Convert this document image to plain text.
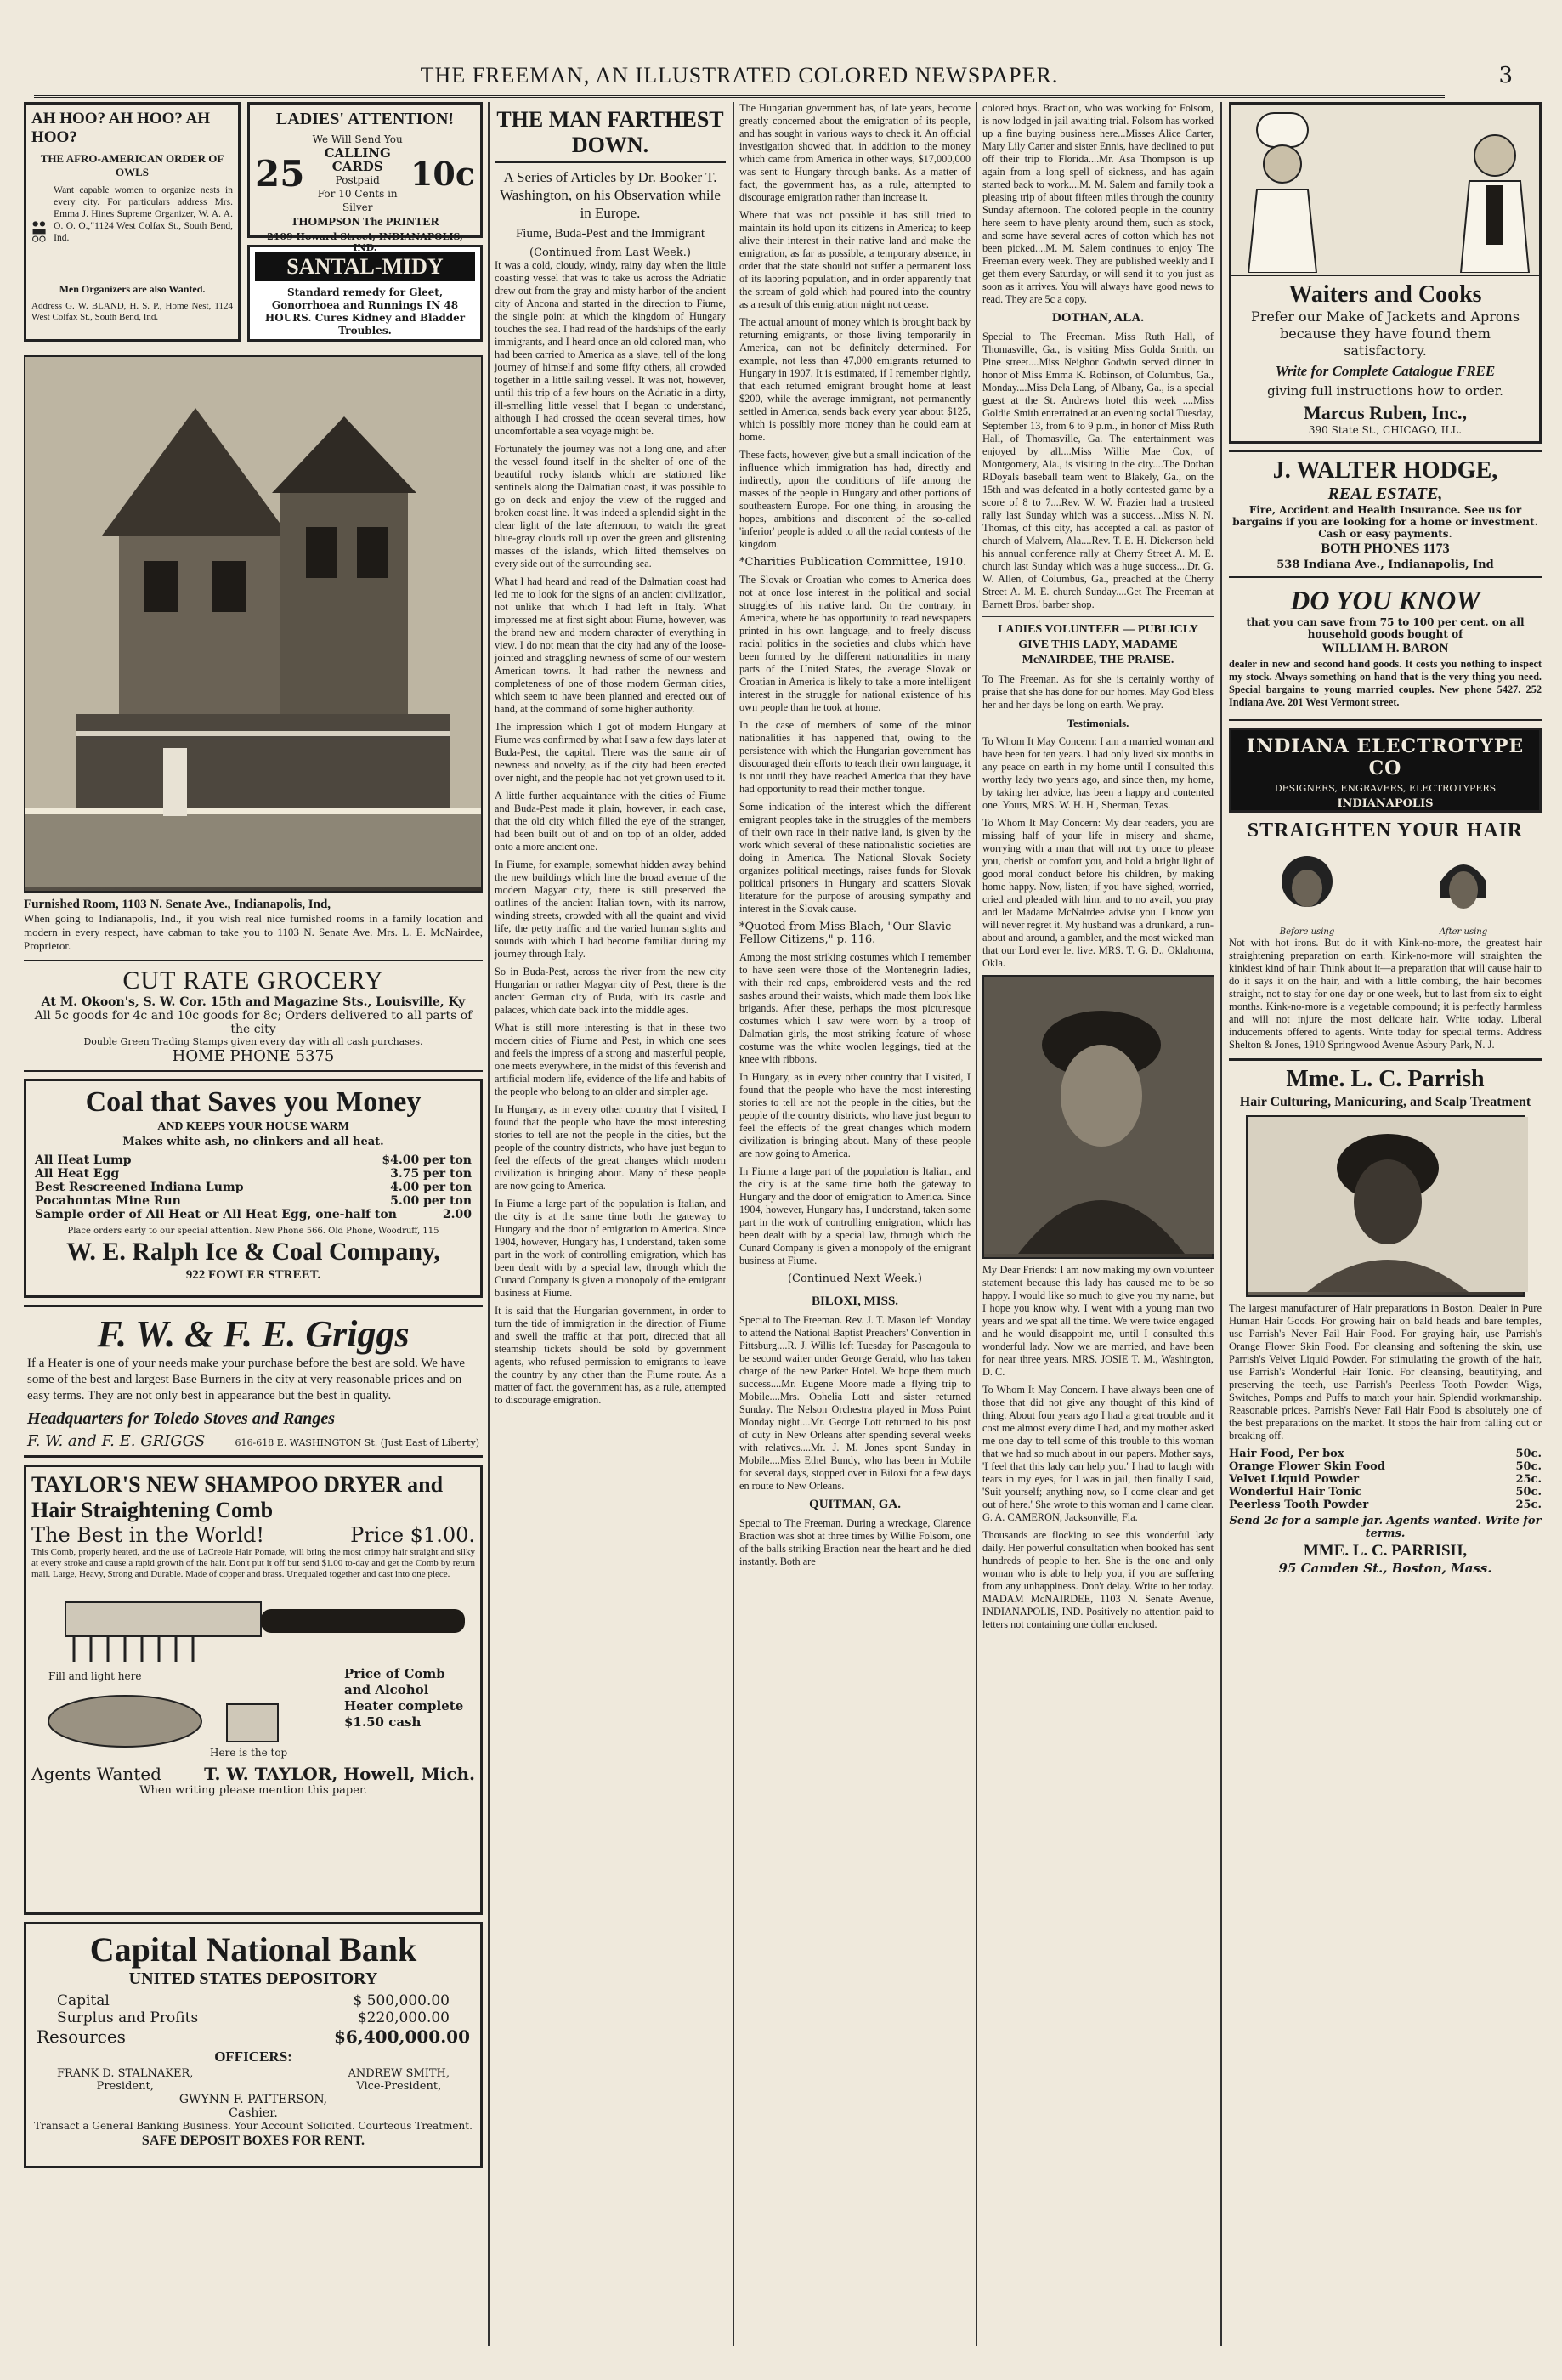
THE FREEMAN, AN ILLUSTRATED COLORED NEWSPAPER.	3
AH HOO? AH HOO? AH HOO?
THE AFRO-AMERICAN ORDER OF OWLS

Want capable women to organize nests in every city. For particulars address Mrs. Emma J. Hines Supreme Organizer, W. A. A. O. O. O.,"1124 West Colfax St., South Bend, Ind.

Men Organizers are also Wanted.

Address G. W. BLAND, H. S. P., Home Nest, 1124 West Colfax St., South Bend, Ind.

LADIES' ATTENTION!
25
We Will Send You
CALLING CARDS
Postpaid
For 10 Cents in Silver
10c
THOMPSON The PRINTER
2109 Howard Street, INDIANAPOLIS, IND.
SANTAL-MIDY
Standard remedy for Gleet, Gonorrhoea and Runnings IN 48 HOURS. Cures Kidney and Bladder Troubles.
Furnished Room, 1103 N. Senate Ave., Indianapolis, Ind,

When going to Indianapolis, Ind., if you wish real nice furnished rooms in a family location and modern in every respect, have cabman to take you to 1103 N. Senate Ave. Mrs. L. E. McNairdee, Proprietor.

CUT RATE GROCERY
At M. Okoon's, S. W. Cor. 15th and Magazine Sts., Louisville, Ky
All 5c goods for 4c and 10c goods for 8c; Orders delivered to all parts of the city
Double Green Trading Stamps given every day with all cash purchases.
HOME PHONE 5375
Coal that Saves you Money
AND KEEPS YOUR HOUSE WARM
Makes white ash, no clinkers and all heat.
All Heat Lump	$4.00 per ton
All Heat Egg	3.75 per ton
Best Rescreened Indiana Lump	4.00 per ton
Pocahontas Mine Run	5.00 per ton
Sample order of All Heat or All Heat Egg, one-half ton	2.00
Place orders early to our special attention. New Phone 566. Old Phone, Woodruff, 115
W. E. Ralph Ice & Coal Company,
922 FOWLER STREET.
F. W. & F. E. Griggs

If a Heater is one of your needs make your purchase before the best are sold. We have some of the best and largest Base Burners in the city at very reasonable prices and on easy terms. They are not only best in appearance but the best in quality.

Headquarters for Toledo Stoves and Ranges
F. W. and F. E. GRIGGS	616-618 E. WASHINGTON St. (Just East of Liberty)
TAYLOR'S NEW SHAMPOO DRYER and Hair Straightening Comb
The Best in the World!	Price $1.00.

This Comb, properly heated, and the use of LaCreole Hair Pomade, will bring the most crimpy hair straight and silky at every stroke and cause a rapid growth of the hair. Don't put it off but send $1.00 to-day and get the Comb by return mail. Large, Heavy, Strong and Durable. Made of copper and brass. Unequaled together and cast into one piece.

Fill and light here
Here is the top
Price of Comb and Alcohol Heater complete $1.50 cash
Agents Wanted	T. W. TAYLOR, Howell, Mich.
When writing please mention this paper.
Capital National Bank
UNITED STATES DEPOSITORY
Capital	$ 500,000.00
Surplus and Profits	$220,000.00
Resources	$6,400,000.00
OFFICERS:
FRANK D. STALNAKER,
President,
ANDREW SMITH,
Vice-President,
GWYNN F. PATTERSON,
Cashier.
Transact a General Banking Business. Your Account Solicited. Courteous Treatment.
SAFE DEPOSIT BOXES FOR RENT.
THE MAN FARTHEST DOWN.
A Series of Articles by Dr. Booker T. Washington, on his Observation while in Europe.
Fiume, Buda-Pest and the Immigrant
(Continued from Last Week.)

It was a cold, cloudy, windy, rainy day when the little coasting vessel that was to take us across the Adriatic drew out from the gray and misty harbor of the ancient city of Ancona and started in the direction to Fiume, the single point at which the kingdom of Hungary touches the sea. I had read of the hardships of the early immigrants, and I heard once an old colored man, who had been carried to America as a slave, tell of the long journey of himself and some fifty others, all crowded together in a little sailing vessel. It was not, however, until this trip of a few hours on the Adriatic in a dirty, ill-smelling little vessel that I began to understand, although I had crossed the ocean several times, how uncomfortable a sea voyage might be.

Fortunately the journey was not a long one, and after the vessel found itself in the shelter of one of the beautiful rocky islands which are stationed like sentinels along the Dalmatian coast, it was possible to go on deck and enjoy the view of the rugged and broken coast line. It was indeed a splendid sight in the clear light of the late afternoon, to watch the great blue-gray clouds roll up over the green and glistening masses of the islands, which lifted themselves on every side out of the surrounding sea.

What I had heard and read of the Dalmatian coast had led me to look for the signs of an ancient civilization, not unlike that which I had left in Italy. What impressed me at first sight about Fiume, however, was the brand new and modern character of everything in view. I do not mean that the city had any of the loose-jointed and straggling newness of some of our western American towns. It had rather the newness and completeness of one of those modern German cities, which seem to have been planned and erected out of hand, at the command of some higher authority.

The impression which I got of modern Hungary at Fiume was confirmed by what I saw a few days later at Buda-Pest, the capital. There was the same air of newness and novelty, as if the city had been erected over night, and the people had not yet grown used to it.

A little further acquaintance with the cities of Fiume and Buda-Pest made it plain, however, in each case, that the old city which filled the eye of the stranger, had been built out of and on top of an older, added onto a more ancient one.

In Fiume, for example, somewhat hidden away behind the new buildings which line the broad avenue of the modern Magyar city, there is still preserved the outlines of the ancient Italian town, with its narrow, winding streets, crowded with all the quaint and vivid life, the petty traffic and the varied human sights and sounds with which I had become familiar during my journey through Italy.

So in Buda-Pest, across the river from the new city Hungarian or rather Magyar city of Pest, there is the ancient German city of Buda, with its castle and palaces, which date back into the middle ages.

What is still more interesting is that in these two modern cities of Fiume and Pest, in which one sees and feels the impress of a strong and masterful people, one meets everywhere, in the midst of this feverish and artificial modern life, evidence of the life and habits of the people who belong to an older and simpler age.

In Hungary, as in every other country that I visited, I found that the people who have the most interesting stories to tell are not the people in the cities, but the people of the country districts, who have just begun to feel the effects of the great changes which modern civilization is bringing about. Many of these people are now going to America.

In Fiume a large part of the population is Italian, and the city is at the same time both the gateway to Hungary and the door of emigration to America. Since 1904, however, Hungary has, I understand, taken some part in the work of controlling emigration, which has been dealt with by a special law, through which the Cunard Company is given a monopoly of the emigrant business at Fiume.

It is said that the Hungarian government, in order to turn the tide of immigration in the direction of Fiume and swell the traffic at that port, directed that all steamship tickets should be sold by government agents, who refused permission to emigrants to leave the country by any other than the Fiume route. As a matter of fact, the government has, as a rule, attempted to discourage emigration.

The Hungarian government has, of late years, become greatly concerned about the emigration of its people, and has sought in various ways to check it. An official investigation showed that, in addition to the money which came from America in other ways, $17,000,000 was sent to Hungary through banks. As a matter of fact, the government has, as a rule, attempted to discourage emigration rather than increase it.

Where that was not possible it has still tried to maintain its hold upon its citizens in America; to keep alive their interest in their native land and make the emigration, as far as possible, a temporary absence, in order that the state should not suffer a permanent loss of its laboring population, and in order apparently that the stream of gold which had poured into the country as a result of this emigration might not cease.

The actual amount of money which is brought back by returning emigrants, or those living temporarily in America, can not be definitely determined. For example, not less than 47,000 emigrants returned to Hungary in 1907. It is estimated, if I remember rightly, that each returned emigrant brought home at least $200, while the average immigrant, not permanently settled in America, sends back every year about $125, which is possibly more money than he could earn at home.

These facts, however, give but a small indication of the influence which immigration has had, directly and indirectly, upon the conditions of life among the masses of the people in Hungary and other portions of southeastern Europe. For one thing, in arousing the hopes, ambitions and discontent of the so-called 'inferior' people is added to all the racial contests of the kingdom.

*Charities Publication Committee, 1910.

The Slovak or Croatian who comes to America does not at once lose interest in the political and social struggles of his native land. On the contrary, in America, where he has opportunity to read newspapers printed in his own language, and to freely discuss racial politics in the societies and clubs which have been formed by the different nationalities in many parts of the United States, the average Slovak or Croatian in America is likely to take a more intelligent interest in the struggle for national existence of his own people than he took at home.

In the case of members of some of the minor nationalities it has happened that, owing to the persistence with which the Hungarian government has discouraged their efforts to teach their own language, it is not until they have reached America that they have had opportunity to read their mother tongue.

Some indication of the interest which the different emigrant peoples take in the struggles of the members of their own race in their native land, is given by the work which several of these nationalistic societies are doing in America. The National Slovak Society organizes political meetings, raises funds for Slovak political prisoners in Hungary and scatters Slovak literature for the purpose of arousing sympathy and interest in the Slovak cause.

*Quoted from Miss Blach, "Our Slavic Fellow Citizens," p. 116.

Among the most striking costumes which I remember to have seen were those of the Montenegrin ladies, with their red caps, embroidered vests and the red sashes around their waists, which made them look like brigands. After these, perhaps the most picturesque costumes which I saw were worn by a troop of Dalmatian girls, the most striking feature of whose costume was the white woolen leggings, tied at the knee with ribbons.

In Hungary, as in every other country that I visited, I found that the people who have the most interesting stories to tell are not the people in the cities, but the people of the country districts, who have just begun to feel the effects of the great changes which modern civilization is bringing about. Many of these people are now going to America.

In Fiume a large part of the population is Italian, and the city is at the same time both the gateway to Hungary and the door of emigration to America. Since 1904, however, Hungary has, I understand, taken some part in the work of controlling emigration, which has been dealt with by a special law, through which the Cunard Company is given a monopoly of the emigrant business at Fiume.

(Continued Next Week.)
BILOXI, MISS.

Special to The Freeman. Rev. J. T. Mason left Monday to attend the National Baptist Preachers' Convention in Pittsburg....R. J. Willis left Tuesday for Pascagoula to be second waiter under George Gerald, who has taken charge of the new Parker Hotel. We hope them much success....Mr. Eugene Moore made a flying trip to Mobile....Mrs. Ophelia Lott and sister returned Sunday. The Nelson Orchestra played in Moss Point Monday night....Mr. George Lott returned to his post of duty in New Orleans after spending several weeks with relatives....Mr. J. M. Jones spent Sunday in Mobile....Miss Ethel Bundy, who has been in Mobile for several days, stopped over in Biloxi for a few days en route to New Orleans.

QUITMAN, GA.

Special to The Freeman. During a wreckage, Clarence Braction was shot at three times by Willie Folsom, one of the balls striking Braction near the heart and he died instantly. Both are

colored boys. Braction, who was working for Folsom, is now lodged in jail awaiting trial. Folsom has worked up a fine buying business here...Misses Alice Carter, Mary Lily Carter and sister Ennis, have declined to put off their trip to Florida....Mr. Asa Thompson is up again from a long spell of sickness, and has again started back to work....M. M. Salem and family took a pleasing trip of about fifteen miles through the country Sunday afternoon. The colored people in the country here seem to have plenty around them, such as stock, and some have several acres of cotton which has not been picked....M. M. Salem continues to enjoy The Freeman every week. They are published weekly and I get them every Saturday, or will send it to you just as soon as it arrives. You will always have good news to read. They are 5c a copy.

DOTHAN, ALA.

Special to The Freeman. Miss Ruth Hall, of Thomasville, Ga., is visiting Miss Golda Smith, on Pine street....Miss Neighor Godwin served dinner in honor of Miss Emma K. Robinson, of Columbus, Ga., Monday....Miss Dela Lang, of Albany, Ga., is a special guest at the St. Andrews hotel this week ....Miss Goldie Smith entertained at an evening social Tuesday, September 13, from 6 to 9 p.m., in honor of Miss Ruth Hall, of Thomasville, Ga. The entertainment was enjoyed by all....Miss Willie Mae Cox, of Montgomery, Ala., is visiting in the city....The Dothan RDoyals baseball team went to Blakely, Ga., on the 15th and was defeated in a hotly contested game by a score of 8 to 7....Rev. W. W. Frazier had a trusteed rally last Sunday which was a success....Miss N. N. Thomas, of this city, has accepted a call as pastor of church of Malvern, Ala....Rev. T. E. H. Dickerson held his annual conference rally at Cherry Street A. M. E. church last Sunday which was a huge success....Dr. G. W. Allen, of Columbus, Ga., preached at the Cherry Street A. M. E. church Sunday....Get The Freeman at Barnett Bros.' barber shop.

LADIES VOLUNTEER — PUBLICLY GIVE THIS LADY, MADAME McNAIRDEE, THE PRAISE.

To The Freeman. As for she is certainly worthy of praise that she has done for our homes. May God bless her and her days be long on earth. We pray.

Testimonials.

To Whom It May Concern: I am a married woman and have been for ten years. I had only lived six months in any peace on earth in my home until I consulted this worthy lady two years ago, and since then, my home, by taking her advice, has been a happy and contented one. Yours, MRS. W. H. H., Sherman, Texas.

To Whom It May Concern: My dear readers, you are missing half of your life in misery and shame, worrying with a man that will not try once to please you, cherish or comfort you, and hold a bright light of good moral conduct before his children, by making home happy. Now, listen; if you have sighed, worried, cried and pleaded with him, and to no avail, you pray and let Madame McNairdee advise you. I know you will never regret it. My husband was a drunkard, a run-about and around, a gambler, and the most wicked man that our Lord ever let live. MRS. T. G. D., Oklahoma, Okla.

My Dear Friends: I am now making my own volunteer statement because this lady has caused me to be so happy. I would like so much to give you my name, but I hope you know why. I went with a young man two years and we spat all the time. We were twice engaged and he would disappoint me, until I consulted this wonderful lady. Now we are married, and have been for near three years. MRS. JOSIE T. M., Washington, D. C.

To Whom It May Concern. I have always been one of those that did not give any thought of this kind of thing. About four years ago I had a great trouble and it cost me almost every dime I had, and my mother asked me one day to tell some of this trouble to this woman that we had so much about in our papers. Mother says, 'I feel that this lady can help you.' I had to laugh with tears in my eyes, for I was in jail, then finally I said, 'Suit yourself; anything now, so I come clear and get out of here.' She wrote to this woman and I came clear. G. A. CAMERON, Jacksonville, Fla.

Thousands are flocking to see this wonderful lady daily. Her powerful consultation when booked has sent hundreds of people to her. She is the one and only woman who is able to help you, if you are suffering from any unhappiness. Don't delay. Write to her today. MADAM McNAIRDEE, 1103 N. Senate Avenue, INDIANAPOLIS, IND. Positively no attention paid to letters not containing one dollar enclosed.

Waiters and Cooks
Prefer our Make of Jackets and Aprons because they have found them satisfactory.
Write for Complete Catalogue FREE
giving full instructions how to order.
Marcus Ruben, Inc.,
390 State St., CHICAGO, ILL.
J. WALTER HODGE,
REAL ESTATE,
Fire, Accident and Health Insurance. See us for bargains if you are looking for a home or investment. Cash or easy payments.
BOTH PHONES 1173
538 Indiana Ave., Indianapolis, Ind
DO YOU KNOW
that you can save from 75 to 100 per cent. on all household goods bought of
WILLIAM H. BARON

dealer in new and second hand goods. It costs you nothing to inspect my stock. Always something on hand that is the very thing you need. Special bargains to young married couples. New phone 5427. 252 Indiana Ave. 201 West Vermont street.

INDIANA ELECTROTYPE CO
DESIGNERS, ENGRAVERS, ELECTROTYPERS
INDIANAPOLIS
STRAIGHTEN YOUR HAIR
Before using	After using

Not with hot irons. But do it with Kink-no-more, the greatest hair straightening preparation on earth. Kink-no-more will straighten the kinkiest kind of hair. Think about it—a preparation that will cause hair to do it says it on the hair, and with a little combing, the hair becomes straight, not to stay for one day or one week, but to last from six to eight months. Kink-no-more is a vegetable compound; it is perfectly harmless and will not injure the most delicate hair. Write today. Liberal inducements offered to agents. Write today for special terms. Address Shelton & Jones, 1910 Springwood Avenue Asbury Park, N. J.

Mme. L. C. Parrish
Hair Culturing, Manicuring, and Scalp Treatment

The largest manufacturer of Hair preparations in Boston. Dealer in Pure Human Hair Goods. For growing hair on bald heads and bare temples, use Parrish's Never Fail Hair Food. For graying hair, use Parrish's Orange Flower Skin Food. For cleansing and softening the skin, use Parrish's Velvet Liquid Powder. For stimulating the growth of the hair, use Parrish's Wonderful Hair Tonic. For cleansing, beautifying, and preserving the teeth, use Parrish's Peerless Tooth Powder. Wigs, Switches, Pomps and Puffs to match your hair. Splendid workmanship. Reasonable prices. Parrish's Never Fail Hair Food is absolutely one of the best preparations on the market. It stops the hair from falling out or breaking off.

Hair Food, Per box	50c.
Orange Flower Skin Food	50c.
Velvet Liquid Powder	25c.
Wonderful Hair Tonic	50c.
Peerless Tooth Powder	25c.
Send 2c for a sample jar. Agents wanted. Write for terms.
MME. L. C. PARRISH,
95 Camden St., Boston, Mass.
